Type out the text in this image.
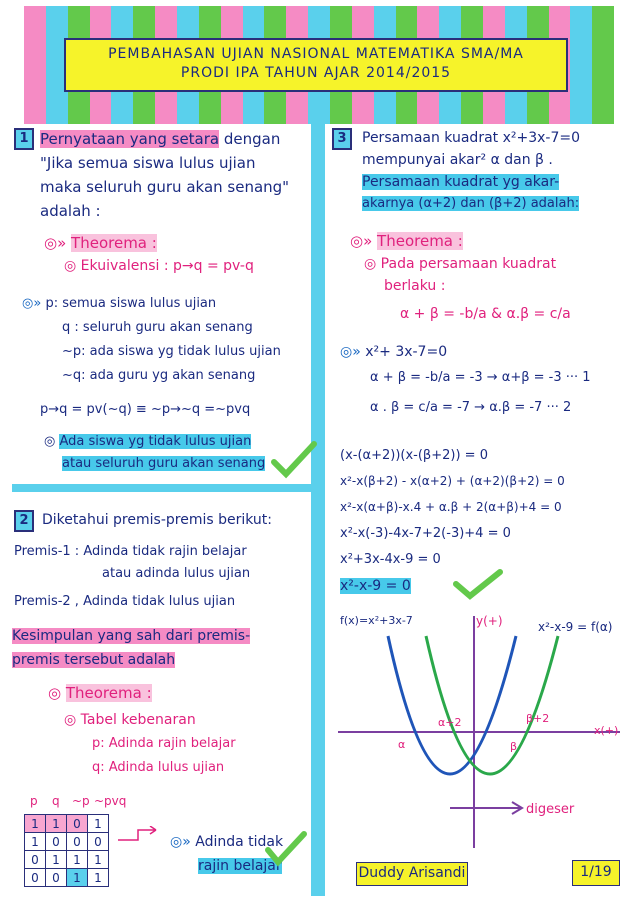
PEMBAHASAN UJIAN NASIONAL MATEMATIKA SMA/MA
PRODI IPA TAHUN AJAR 2014/2015
1 Pernyataan yang setara dengan
"Jika semua siswa lulus ujian
maka seluruh guru akan senang"
adalah :
◎» Theorema :
◎ Ekuivalensi : p→q = pv-q
◎» p: semua siswa lulus ujian
q : seluruh guru akan senang
~p: ada siswa yg tidak lulus ujian
~q: ada guru yg akan senang
p→q = pv(~q) ≡ ~p→~q =~pvq
◎ Ada siswa yg tidak lulus ujian
atau seluruh guru akan senang
2 Diketahui premis-premis berikut:
Premis-1 : Adinda tidak rajin belajar
atau adinda lulus ujian
Premis-2 , Adinda tidak lulus ujian
Kesimpulan yang sah dari premis-
premis tersebut adalah
◎ Theorema :
◎ Tabel kebenaran
p: Adinda rajin belajar
q: Adinda lulus ujian
p q ~p ~pvq
1	1	0	1
1	0	0	0
0	1	1	1
0	0	1	1
◎» Adinda tidak
rajin belajar
3	Persamaan kuadrat x²+3x-7=0
mempunyai akar² α dan β .
Persamaan kuadrat yg akar-
akarnya (α+2) dan (β+2) adalah:
◎» Theorema :
◎ Pada persamaan kuadrat
berlaku :
α + β = -b/a & α.β = c/a
◎» x²+ 3x-7=0
α + β = -b/a = -3 → α+β = -3 ··· 1
α . β = c/a = -7 → α.β = -7 ··· 2
(x-(α+2))(x-(β+2)) = 0
x²-x(β+2) - x(α+2) + (α+2)(β+2) = 0
x²-x(α+β)-x.4 + α.β + 2(α+β)+4 = 0
x²-x(-3)-4x-7+2(-3)+4 = 0
x²+3x-4x-9 = 0
x²-x-9 = 0
f(x)=x²+3x-7	y(+)	x²-x-9 = f(α)
x(+)
α+2	β+2
α	β
digeser
Duddy Arisandi	1/19
